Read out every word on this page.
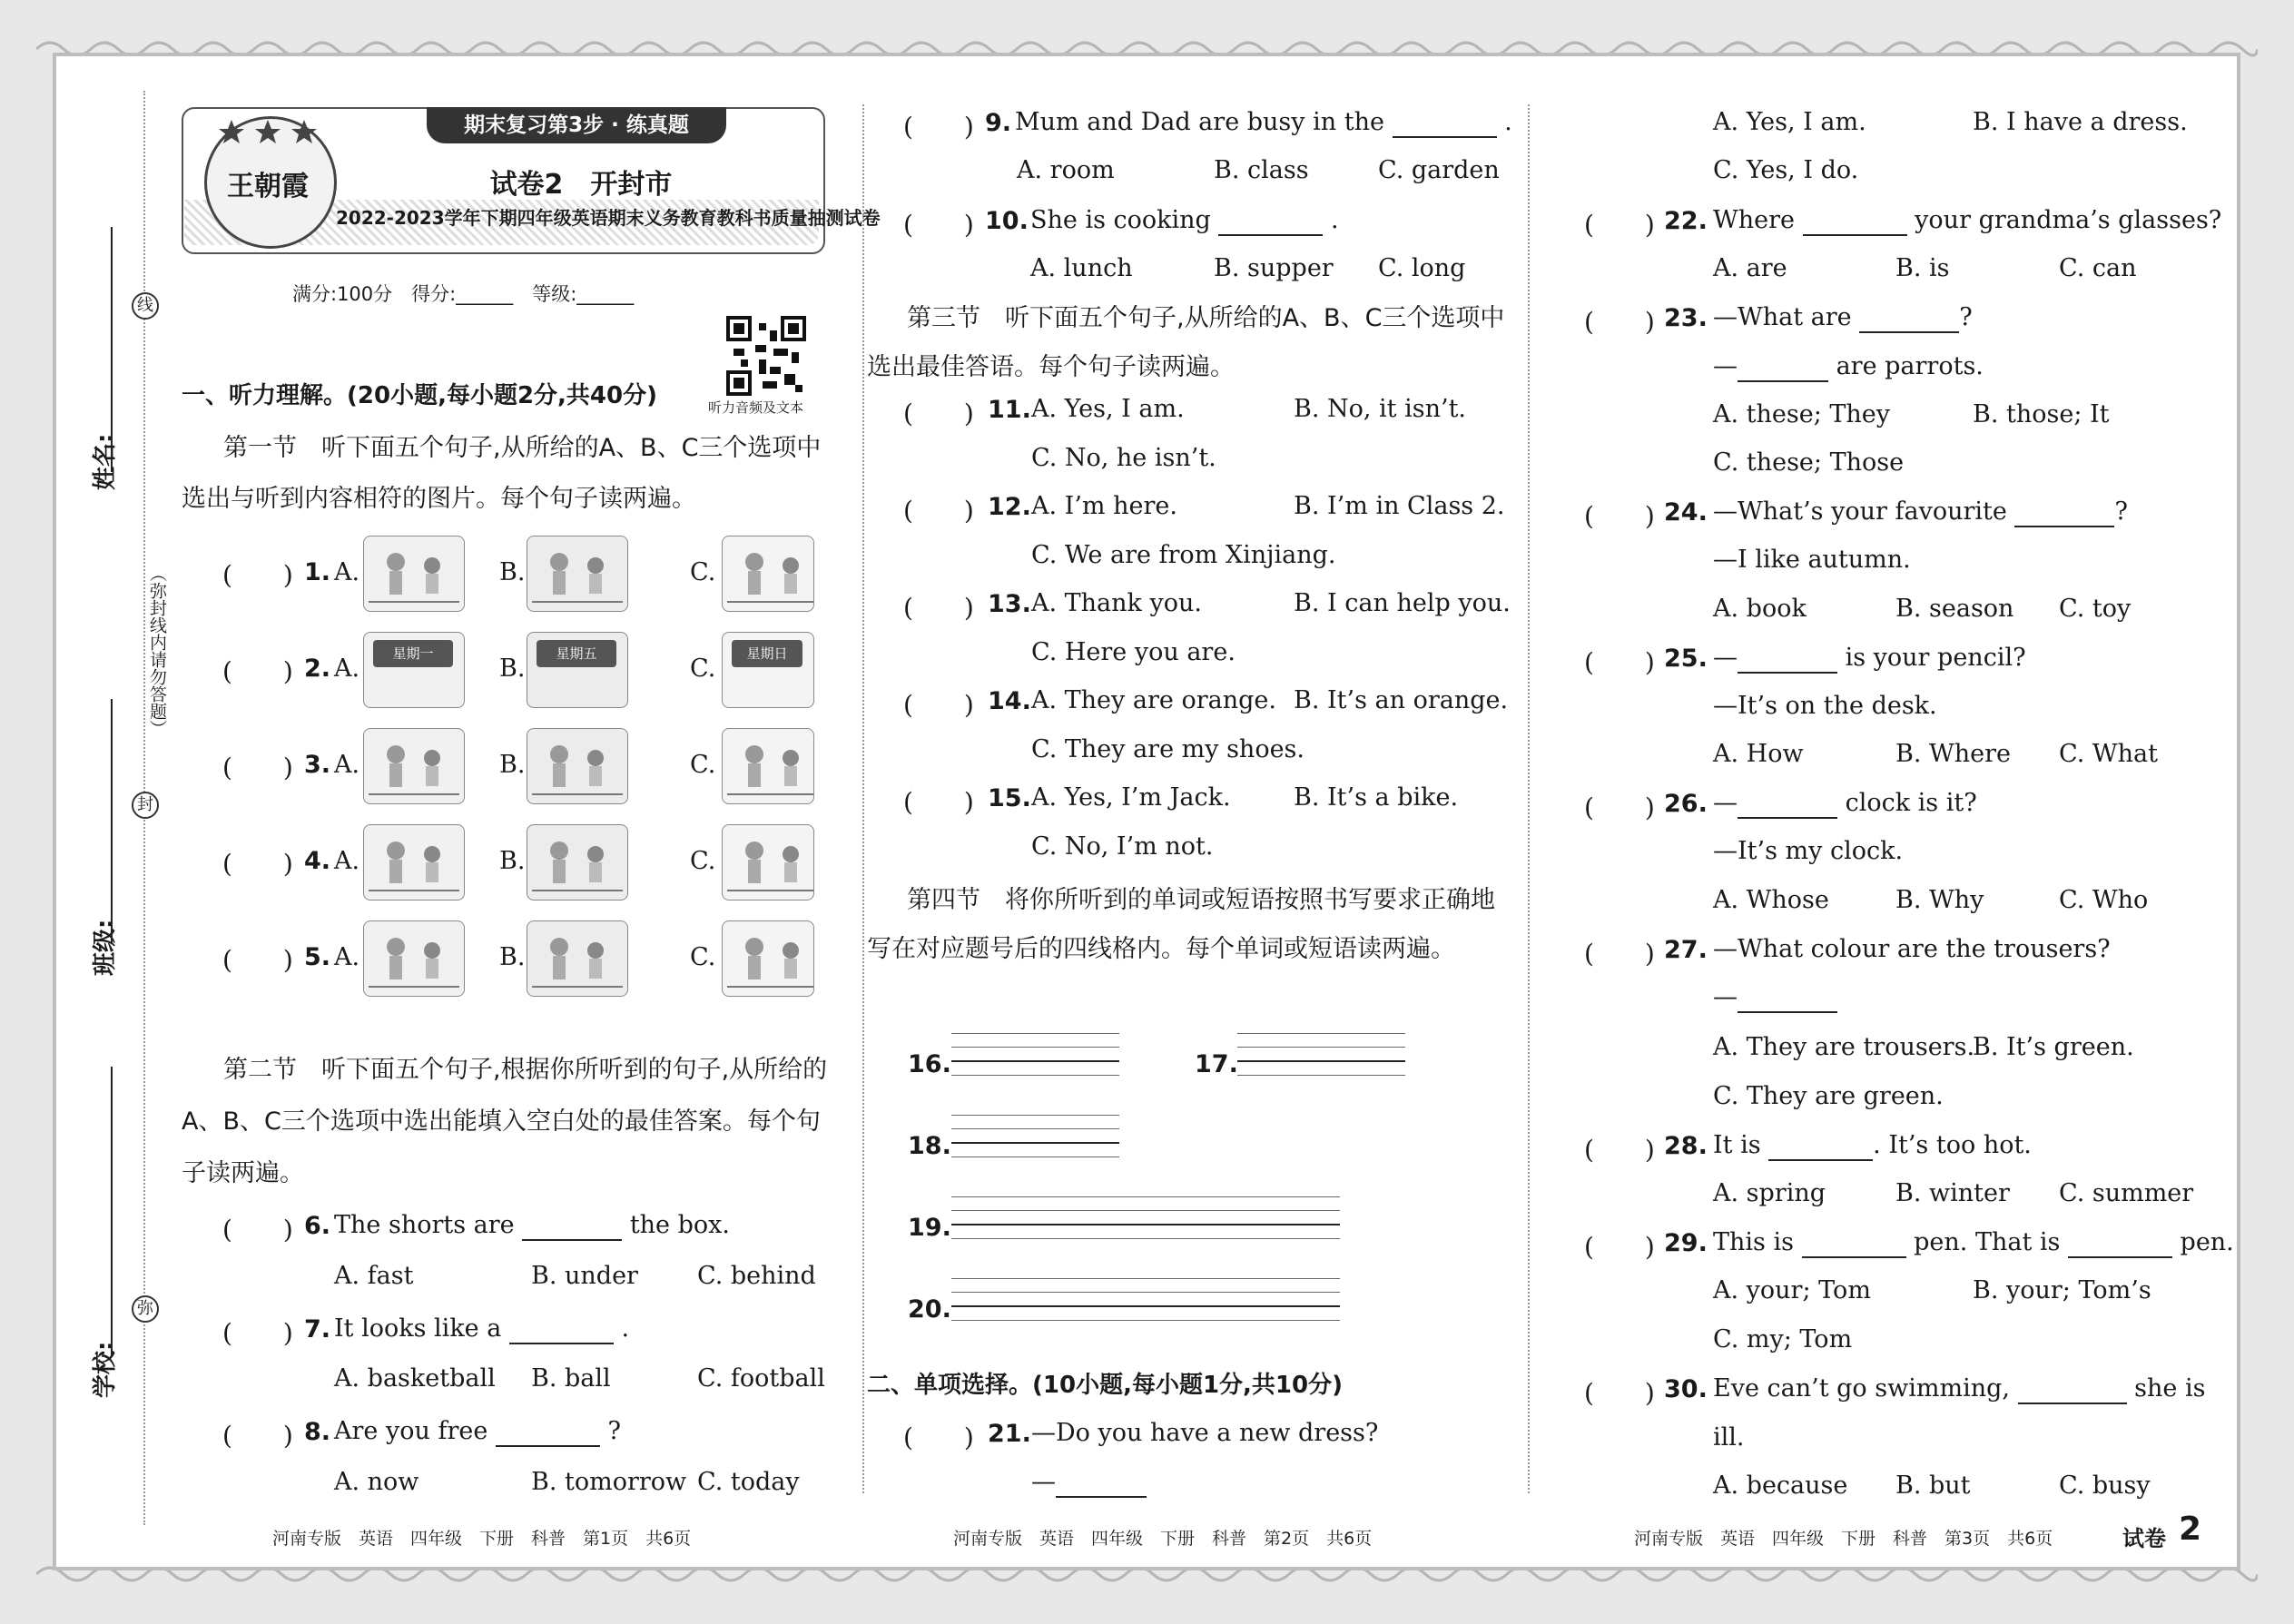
姓名:
班级:
学校:
线
封
弥
（弥封线内请勿答题）
期末复习第3步 · 练真题
王朝霞	试卷2　开封市
2022-2023学年下期四年级英语期末义务教育教科书质量抽测试卷
满分:100分　得分:______　等级:______
听力音频及文本
一、听力理解。(20小题,每小题2分,共40分)
第一节　听下面五个句子,从所给的A、B、C三个选项中选出与听到内容相符的图片。每个句子读两遍。
(　　) 1. A.	B.	C.
(　　) 2. A.
星期一
B.
星期五
C.
星期日
(　　) 3. A.	B.	C.
(　　) 4. A.	B.	C.
(　　) 5. A.	B.	C.
第二节　听下面五个句子,根据你所听到的句子,从所给的A、B、C三个选项中选出能填入空白处的最佳答案。每个句子读两遍。
(　　) 6. The shorts are	the box.
A. fast	B. under C. behind
(　　) 7. It looks like a	.
A. basketball B. ball	C. football
(　　) 8. Are you free	?
A. now	B. tomorrow C. today
(　　) 9. Mum and Dad are busy in the	.
A. room	B. class	C. garden
(　　) 10. She is cooking	.
A. lunch	B. supper C. long
(　　) 11. A. Yes, I am.	B. No, it isn’t.
C. No, he isn’t.
(　　) 12. A. I’m here.	B. I’m in Class 2.
C. We are from Xinjiang.
(　　) 13. A. Thank you.	B. I can help you.
C. Here you are.
(　　) 14. A. They are orange. B. It’s an orange.
C. They are my shoes.
(　　) 15. A. Yes, I’m Jack.	B. It’s a bike.
C. No, I’m not.
(　　) 21. —Do you have a new dress?
—
第三节　听下面五个句子,从所给的A、B、C三个选项中选出最佳答语。每个句子读两遍。
第四节　将你所听到的单词或短语按照书写要求正确地写在对应题号后的四线格内。每个单词或短语读两遍。
16.	17.
18.
19.
20.
二、单项选择。(10小题,每小题1分,共10分)
A. Yes, I am.	B. I have a dress.
C. Yes, I do.
(　　) 22. Where	your grandma’s glasses?
A. are	B. is	C. can
(　　) 23. —What are	?
—	are parrots.
A. these; They	B. those; It
C. these; Those
(　　) 24. —What’s your favourite	?
—I like autumn.
A. book	B. season C. toy
(　　) 25. —	is your pencil?
—It’s on the desk.
A. How	B. Where C. What
(　　) 26. —	clock is it?
—It’s my clock.
A. Whose	B. Why	C. Who
(　　) 27. —What colour are the trousers?
—
A. They are trousers.
B. It’s green.
C. They are green.
(　　) 28. It is	. It’s too hot.
A. spring	B. winter C. summer
(　　) 29. This is	pen. That is	pen.
A. your; Tom	B. your; Tom’s
C. my; Tom
(　　) 30. Eve can’t go swimming,	she is
ill.
A. because B. but	C. busy
河南专版　英语　四年级　下册　科普　第1页　共6页	河南专版　英语　四年级　下册　科普　第2页　共6页	河南专版　英语　四年级　下册　科普　第3页　共6页	试卷 2
